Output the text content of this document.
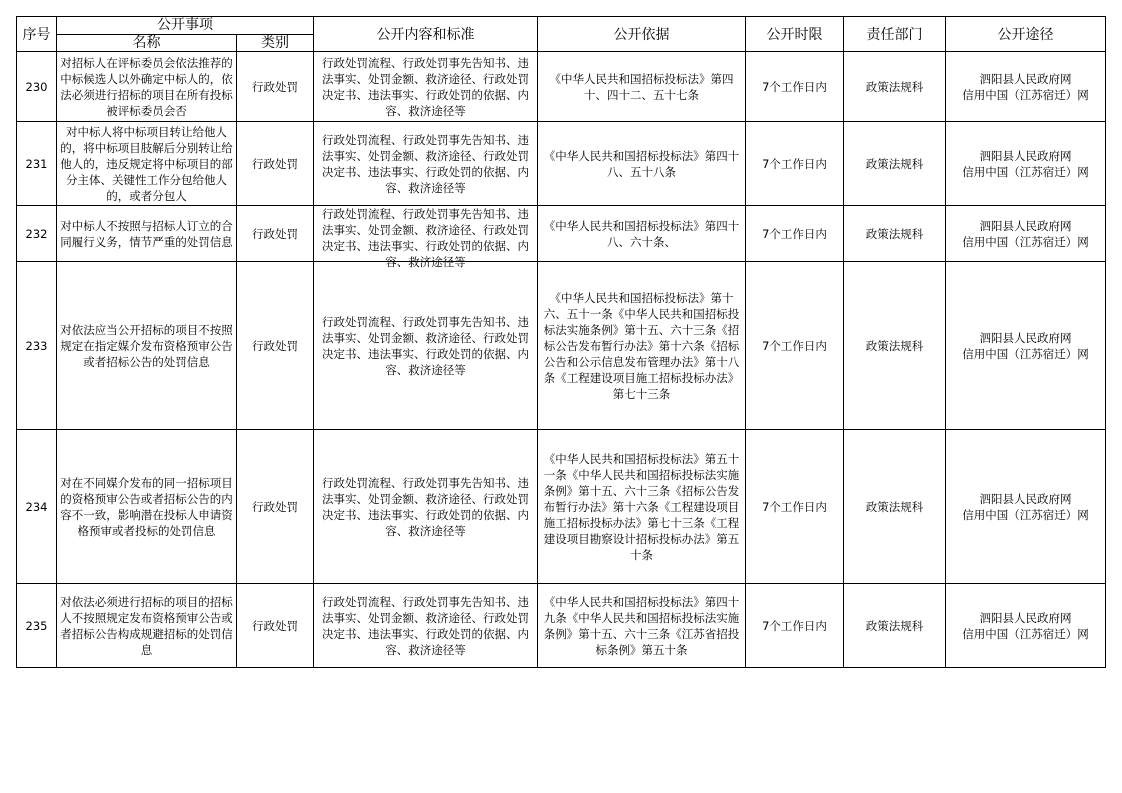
序号	公开事项		公开内容和标准	公开依据	公开时限	责任部门	公开途径
	名称	类别					
230	对招标人在评标委员会依法推荐的中标候选人以外确定中标人的，依法必须进行招标的项目在所有投标被评标委员会否	行政处罚	行政处罚流程、行政处罚事先告知书、违法事实、处罚金额、救济途径、行政处罚决定书、违法事实、行政处罚的依据、内容、救济途径等	《中华人民共和国招标投标法》第四十、四十二、五十七条	7个工作日内	政策法规科	泗阳县人民政府网
信用中国（江苏宿迁）网

231	对中标人将中标项目转让给他人的，将中标项目肢解后分别转让给他人的，违反规定将中标项目的部分主体、关键性工作分包给他人的，或者分包人	行政处罚	行政处罚流程、行政处罚事先告知书、违法事实、处罚金额、救济途径、行政处罚决定书、违法事实、行政处罚的依据、内容、救济途径等	《中华人民共和国招标投标法》第四十八、五十八条	7个工作日内	政策法规科	泗阳县人民政府网
信用中国（江苏宿迁）网

232	对中标人不按照与招标人订立的合同履行义务，情节严重的处罚信息	行政处罚	行政处罚流程、行政处罚事先告知书、违法事实、处罚金额、救济途径、行政处罚决定书、违法事实、行政处罚的依据、内容、救济途径等	《中华人民共和国招标投标法》第四十八、六十条、	7个工作日内	政策法规科	泗阳县人民政府网
信用中国（江苏宿迁）网

233	对依法应当公开招标的项目不按照规定在指定媒介发布资格预审公告或者招标公告的处罚信息	行政处罚	行政处罚流程、行政处罚事先告知书、违法事实、处罚金额、救济途径、行政处罚决定书、违法事实、行政处罚的依据、内容、救济途径等	《中华人民共和国招标投标法》第十六、五十一条《中华人民共和国招标投标法实施条例》第十五、六十三条《招标公告发布暂行办法》第十六条《招标公告和公示信息发布管理办法》第十八条《工程建设项目施工招标投标办法》第七十三条	7个工作日内	政策法规科	泗阳县人民政府网
信用中国（江苏宿迁）网

234	对在不同媒介发布的同一招标项目的资格预审公告或者招标公告的内容不一致，影响潜在投标人申请资格预审或者投标的处罚信息	行政处罚	行政处罚流程、行政处罚事先告知书、违法事实、处罚金额、救济途径、行政处罚决定书、违法事实、行政处罚的依据、内容、救济途径等	《中华人民共和国招标投标法》第五十一条《中华人民共和国招标投标法实施条例》第十五、六十三条《招标公告发布暂行办法》第十六条《工程建设项目施工招标投标办法》第七十三条《工程建设项目勘察设计招标投标办法》第五十条	7个工作日内	政策法规科	泗阳县人民政府网
信用中国（江苏宿迁）网

235	对依法必须进行招标的项目的招标人不按照规定发布资格预审公告或者招标公告构成规避招标的处罚信息	行政处罚	行政处罚流程、行政处罚事先告知书、违法事实、处罚金额、救济途径、行政处罚决定书、违法事实、行政处罚的依据、内容、救济途径等	《中华人民共和国招标投标法》第四十九条《中华人民共和国招标投标法实施条例》第十五、六十三条《江苏省招投标条例》第五十条	7个工作日内	政策法规科	泗阳县人民政府网
信用中国（江苏宿迁）网
